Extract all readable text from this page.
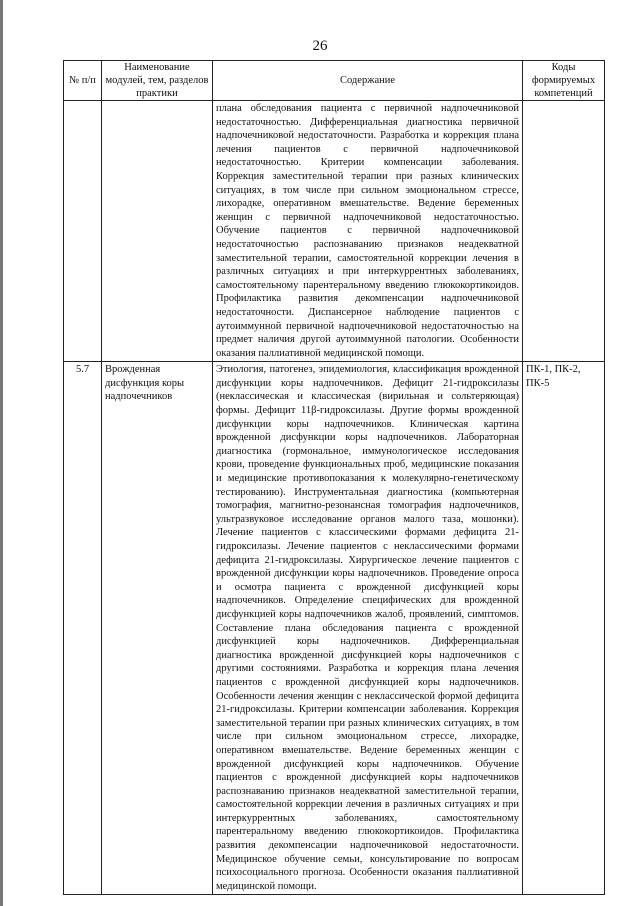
26
№ п/п	Наименование модулей, тем, разделов практики	Содержание	Коды формируемых компетенций
		плана обследования пациента с первичной надпочечниковой недостаточностью. Дифференциальная диагностика первичной надпочечниковой недостаточности. Разработка и коррекция плана лечения пациентов с первичной надпочечниковой недостаточностью. Критерии компенсации заболевания. Коррекция заместительной терапии при разных клинических ситуациях, в том числе при сильном эмоциональном стрессе, лихорадке, оперативном вмешательстве. Ведение беременных женщин с первичной надпочечниковой недостаточностью. Обучение пациентов с первичной надпочечниковой недостаточностью распознаванию признаков неадекватной заместительной терапии, самостоятельной коррекции лечения в различных ситуациях и при интеркуррентных заболеваниях, самостоятельному парентеральному введению глюкокортикоидов. Профилактика развития декомпенсации надпочечниковой недостаточности. Диспансерное наблюдение пациентов с аутоиммунной первичной надпочечниковой недостаточностью на предмет наличия другой аутоиммунной патологии. Особенности оказания паллиативной медицинской помощи.	
5.7	Врожденная дисфункция коры надпочечников	Этиология, патогенез, эпидемиология, классификация врожденной дисфункции коры надпочечников. Дефицит 21-гидроксилазы (неклассическая и классическая (вирильная и сольтеряющая) формы. Дефицит 11β-гидроксилазы. Другие формы врожденной дисфункции коры надпочечников. Клиническая картина врожденной дисфункции коры надпочечников. Лабораторная диагностика (гормональное, иммунологическое исследования крови, проведение функциональных проб, медицинские показания и медицинские противопоказания к молекулярно-генетическому тестированию). Инструментальная диагностика (компьютерная томография, магнитно-резонансная томография надпочечников, ультразвуковое исследование органов малого таза, мошонки). Лечение пациентов с классическими формами дефицита 21-гидроксилазы. Лечение пациентов с неклассическими формами дефицита 21-гидроксилазы. Хирургическое лечение пациентов с врожденной дисфункции коры надпочечников. Проведение опроса и осмотра пациента с врожденной дисфункцией коры надпочечников. Определение специфических для врожденной дисфункцией коры надпочечников жалоб, проявлений, симптомов. Составление плана обследования пациента с врожденной дисфункцией коры надпочечников. Дифференциальная диагностика врожденной дисфункцией коры надпочечников с другими состояниями. Разработка и коррекция плана лечения пациентов с врожденной дисфункцией коры надпочечников. Особенности лечения женщин с неклассической формой дефицита 21-гидроксилазы. Критерии компенсации заболевания. Коррекция заместительной терапии при разных клинических ситуациях, в том числе при сильном эмоциональном стрессе, лихорадке, оперативном вмешательстве. Ведение беременных женщин с врожденной дисфункцией коры надпочечников. Обучение пациентов с врожденной дисфункцией коры надпочечников распознаванию признаков неадекватной заместительной терапии, самостоятельной коррекции лечения в различных ситуациях и при интеркуррентных заболеваниях, самостоятельному парентеральному введению глюкокортикоидов. Профилактика развития декомпенсации надпочечниковой недостаточности. Медицинское обучение семьи, консультирование по вопросам психосоциального прогноза. Особенности оказания паллиативной медицинской помощи.	ПК-1, ПК-2, ПК-5
